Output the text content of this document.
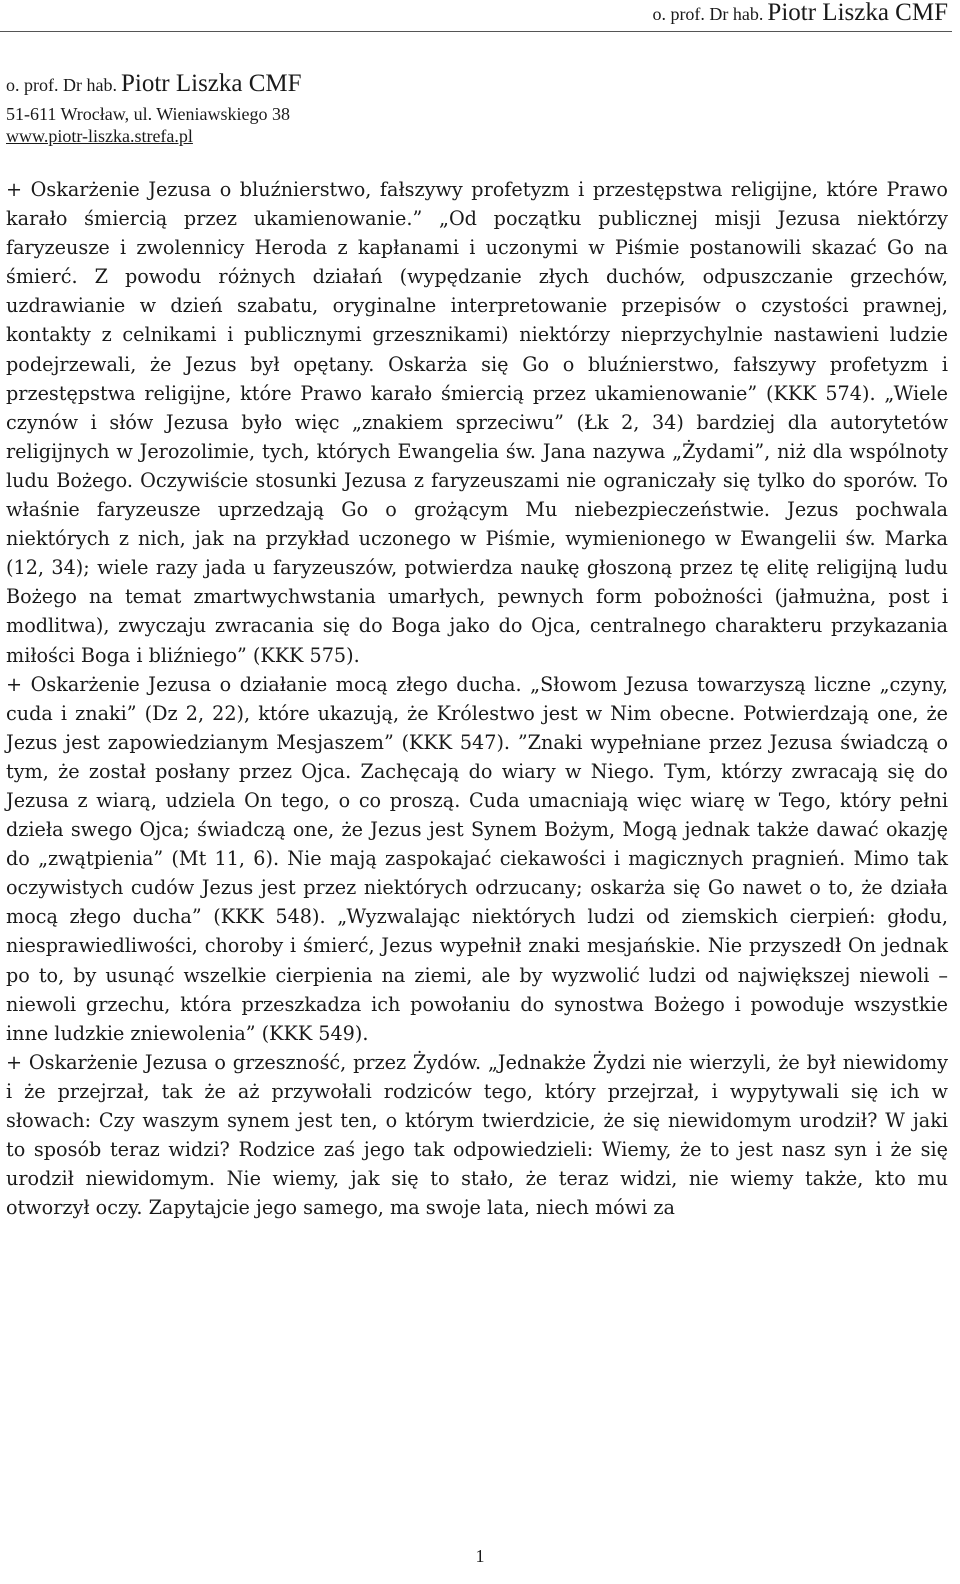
o. prof. Dr hab. Piotr Liszka CMF
o. prof. Dr hab. Piotr Liszka CMF
51-611 Wrocław, ul. Wieniawskiego 38
www.piotr-liszka.strefa.pl

+ Oskarżenie Jezusa o bluźnierstwo, fałszywy profetyzm i przestępstwa religijne, które Prawo karało śmiercią przez ukamienowanie.” „Od początku publicznej misji Jezusa niektórzy faryzeusze i zwolennicy Heroda z kapłanami i uczonymi w Piśmie postanowili skazać Go na śmierć. Z powodu różnych działań (wypędzanie złych duchów, odpuszczanie grzechów, uzdrawianie w dzień szabatu, oryginalne interpretowanie przepisów o czystości prawnej, kontakty z celnikami i publicznymi grzesznikami) niektórzy nieprzychylnie nastawieni ludzie podejrzewali, że Jezus był opętany. Oskarża się Go o bluźnierstwo, fałszywy profetyzm i przestępstwa religijne, które Prawo karało śmiercią przez ukamienowanie” (KKK 574). „Wiele czynów i słów Jezusa było więc „znakiem sprzeciwu” (Łk 2, 34) bardziej dla autorytetów religijnych w Jerozolimie, tych, których Ewangelia św. Jana nazywa „Żydami”, niż dla wspólnoty ludu Bożego. Oczywiście stosunki Jezusa z faryzeuszami nie ograniczały się tylko do sporów. To właśnie faryzeusze uprzedzają Go o grożącym Mu niebezpieczeństwie. Jezus pochwala niektórych z nich, jak na przykład uczonego w Piśmie, wymienionego w Ewangelii św. Marka (12, 34); wiele razy jada u faryzeuszów, potwierdza naukę głoszoną przez tę elitę religijną ludu Bożego na temat zmartwychwstania umarłych, pewnych form pobożności (jałmużna, post i modlitwa), zwyczaju zwracania się do Boga jako do Ojca, centralnego charakteru przykazania miłości Boga i bliźniego” (KKK 575).

+ Oskarżenie Jezusa o działanie mocą złego ducha. „Słowom Jezusa towarzyszą liczne „czyny, cuda i znaki” (Dz 2, 22), które ukazują, że Królestwo jest w Nim obecne. Potwierdzają one, że Jezus jest zapowiedzianym Mesjaszem” (KKK 547). ”Znaki wypełniane przez Jezusa świadczą o tym, że został posłany przez Ojca. Zachęcają do wiary w Niego. Tym, którzy zwracają się do Jezusa z wiarą, udziela On tego, o co proszą. Cuda umacniają więc wiarę w Tego, który pełni dzieła swego Ojca; świadczą one, że Jezus jest Synem Bożym, Mogą jednak także dawać okazję do „zwątpienia” (Mt 11, 6). Nie mają zaspokajać ciekawości i magicznych pragnień. Mimo tak oczywistych cudów Jezus jest przez niektórych odrzucany; oskarża się Go nawet o to, że działa mocą złego ducha” (KKK 548). „Wyzwalając niektórych ludzi od ziemskich cierpień: głodu, niesprawiedliwości, choroby i śmierć, Jezus wypełnił znaki mesjańskie. Nie przyszedł On jednak po to, by usunąć wszelkie cierpienia na ziemi, ale by wyzwolić ludzi od największej niewoli – niewoli grzechu, która przeszkadza ich powołaniu do synostwa Bożego i powoduje wszystkie inne ludzkie zniewolenia” (KKK 549).

+ Oskarżenie Jezusa o grzeszność, przez Żydów. „Jednakże Żydzi nie wierzyli, że był niewidomy i że przejrzał, tak że aż przywołali rodziców tego, który przejrzał, i wypytywali się ich w słowach: Czy waszym synem jest ten, o którym twierdzicie, że się niewidomym urodził? W jaki to sposób teraz widzi? Rodzice zaś jego tak odpowiedzieli: Wiemy, że to jest nasz syn i że się urodził niewidomym. Nie wiemy, jak się to stało, że teraz widzi, nie wiemy także, kto mu otworzył oczy. Zapytajcie jego samego, ma swoje lata, niech mówi za

1
